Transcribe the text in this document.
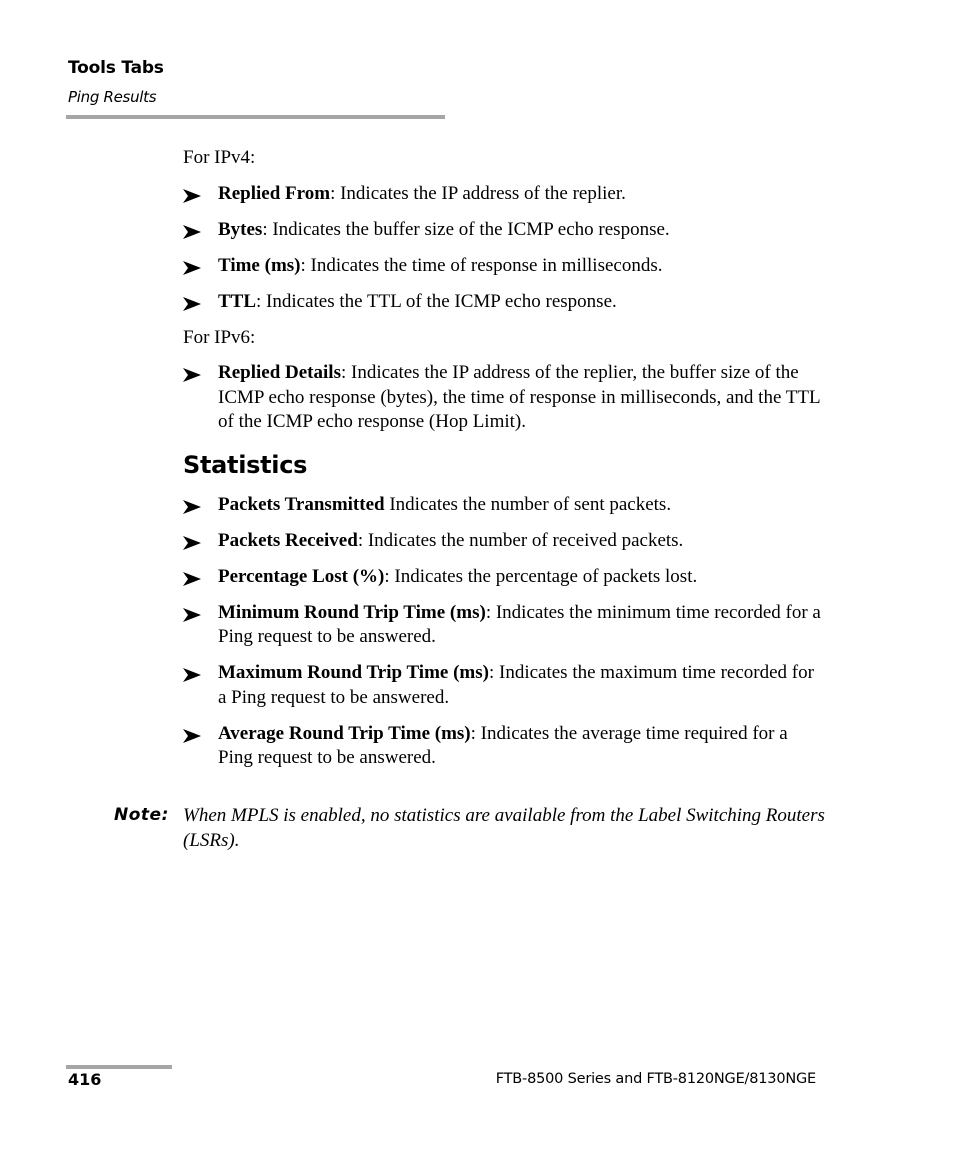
Tools Tabs
Ping Results

For IPv4:

Replied From: Indicates the IP address of the replier.
Bytes: Indicates the buffer size of the ICMP echo response.
Time (ms): Indicates the time of response in milliseconds.
TTL: Indicates the TTL of the ICMP echo response.

For IPv6:

Replied Details: Indicates the IP address of the replier, the buffer size of the ICMP echo response (bytes), the time of response in milliseconds, and the TTL of the ICMP echo response (Hop Limit).
Statistics
Packets Transmitted Indicates the number of sent packets.
Packets Received: Indicates the number of received packets.
Percentage Lost (%): Indicates the percentage of packets lost.
Minimum Round Trip Time (ms): Indicates the minimum time recorded for a Ping request to be answered.
Maximum Round Trip Time (ms): Indicates the maximum time recorded for a Ping request to be answered.
Average Round Trip Time (ms): Indicates the average time required for a Ping request to be answered.
Note: When MPLS is enabled, no statistics are available from the Label Switching Routers (LSRs).
416	FTB-8500 Series and FTB-8120NGE/8130NGE
